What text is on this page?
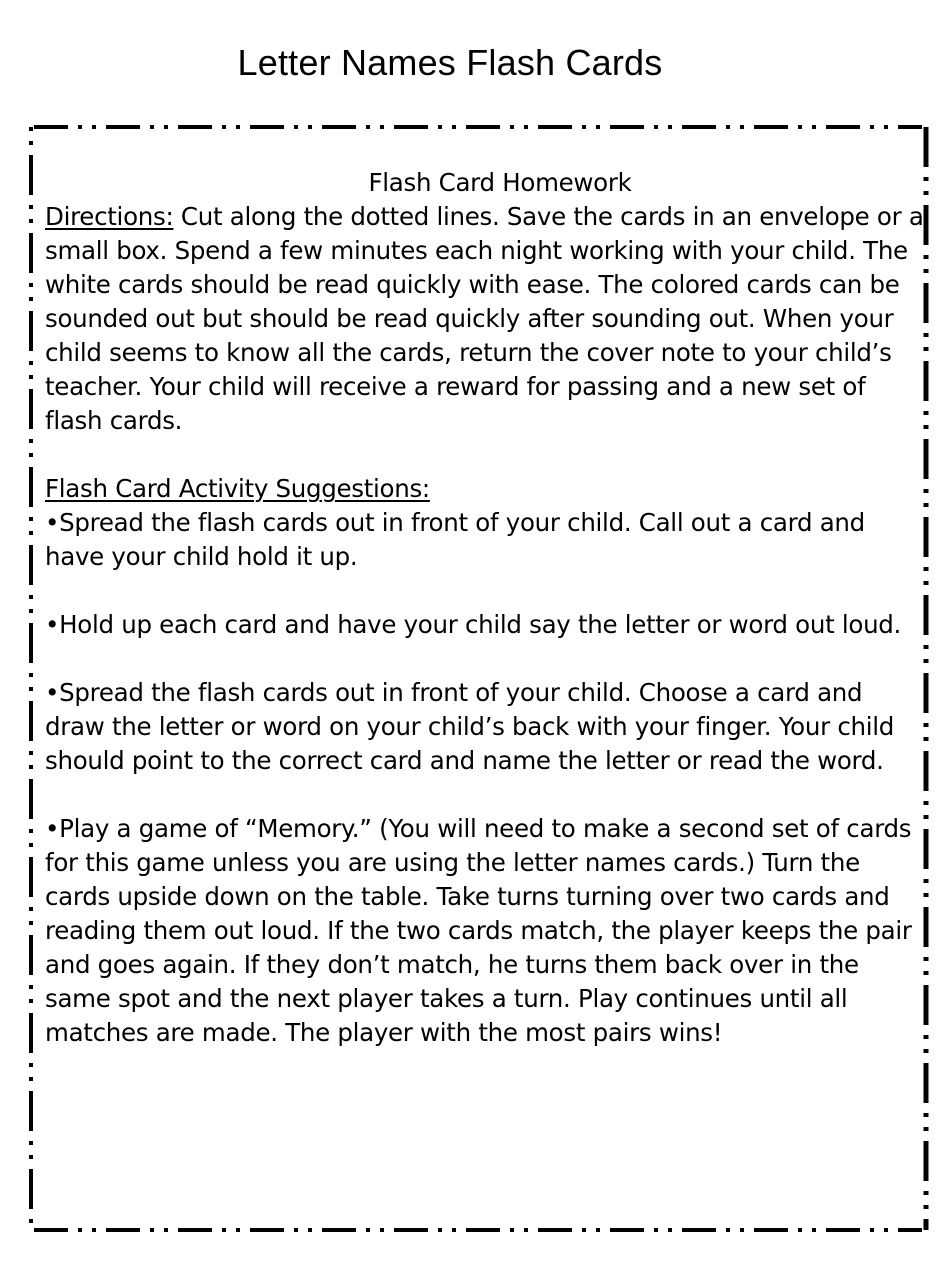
Letter Names Flash Cards

Flash Card Homework

Directions: Cut along the dotted lines. Save the cards in an envelope or a small box. Spend a few minutes each night working with your child. The white cards should be read quickly with ease. The colored cards can be sounded out but should be read quickly after sounding out. When your child seems to know all the cards, return the cover note to your child’s teacher. Your child will receive a reward for passing and a new set of flash cards.

Flash Card Activity Suggestions:

•Spread the flash cards out in front of your child. Call out a card and have your child hold it up.

•Hold up each card and have your child say the letter or word out loud.

•Spread the flash cards out in front of your child. Choose a card and draw the letter or word on your child’s back with your finger. Your child should point to the correct card and name the letter or read the word.

•Play a game of “Memory.” (You will need to make a second set of cards for this game unless you are using the letter names cards.) Turn the cards upside down on the table. Take turns turning over two cards and reading them out loud. If the two cards match, the player keeps the pair and goes again. If they don’t match, he turns them back over in the same spot and the next player takes a turn. Play continues until all matches are made. The player with the most pairs wins!
